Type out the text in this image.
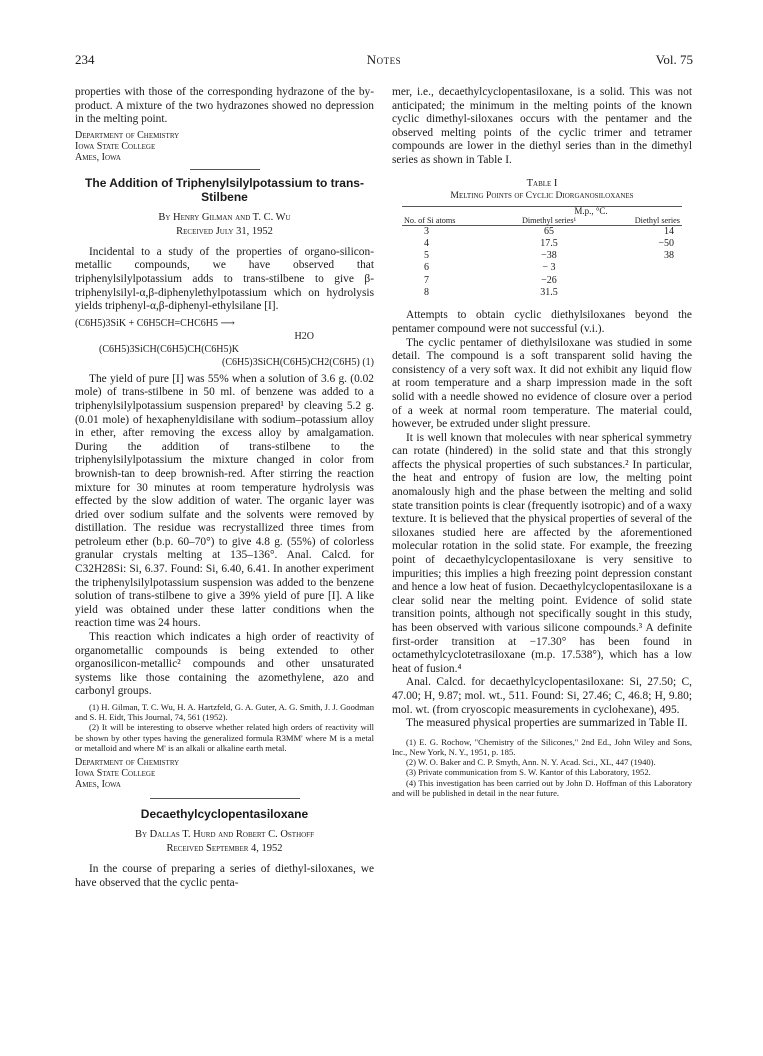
234	Notes	Vol. 75

properties with those of the corresponding hydrazone of the by-product. A mixture of the two hydrazones showed no depression in the melting point.

Department of Chemistry
Iowa State College
Ames, Iowa
The Addition of Triphenylsilylpotassium to trans-Stilbene
By Henry Gilman and T. C. Wu
Received July 31, 1952

Incidental to a study of the properties of organo-silicon-metallic compounds, we have observed that triphenylsilylpotassium adds to trans-stilbene to give β-triphenylsilyl-α,β-diphenylethylpotassium which on hydrolysis yields triphenyl-α,β-diphenyl-ethylsilane [I].

(C6H5)3SiK + C6H5CH=CHC6H5 ⟶
H2O
(C6H5)3SiCH(C6H5)CH(C6H5)K
(C6H5)3SiCH(C6H5)CH2(C6H5) (1)

The yield of pure [I] was 55% when a solution of 3.6 g. (0.02 mole) of trans-stilbene in 50 ml. of benzene was added to a triphenylsilylpotassium suspension prepared¹ by cleaving 5.2 g. (0.01 mole) of hexaphenyldisilane with sodium–potassium alloy in ether, after removing the excess alloy by amalgamation. During the addition of trans-stilbene to the triphenylsilylpotassium the mixture changed in color from brownish-tan to deep brownish-red. After stirring the reaction mixture for 30 minutes at room temperature hydrolysis was effected by the slow addition of water. The organic layer was dried over sodium sulfate and the solvents were removed by distillation. The residue was recrystallized three times from petroleum ether (b.p. 60–70°) to give 4.8 g. (55%) of colorless granular crystals melting at 135–136°. Anal. Calcd. for C32H28Si: Si, 6.37. Found: Si, 6.40, 6.41. In another experiment the triphenylsilylpotassium suspension was added to the benzene solution of trans-stilbene to give a 39% yield of pure [I]. A like yield was obtained under these latter conditions when the reaction time was 24 hours.

This reaction which indicates a high order of reactivity of organometallic compounds is being extended to other organosilicon-metallic² compounds and other unsaturated systems like those containing the azomethylene, azo and carbonyl groups.

(1) H. Gilman, T. C. Wu, H. A. Hartzfeld, G. A. Guter, A. G. Smith, J. J. Goodman and S. H. Eidt, This Journal, 74, 561 (1952).

(2) It will be interesting to observe whether related high orders of reactivity will be shown by other types having the generalized formula R3MM' where M is a metal or metalloid and where M' is an alkali or alkaline earth metal.

Department of Chemistry
Iowa State College
Ames, Iowa
Decaethylcyclopentasiloxane
By Dallas T. Hurd and Robert C. Osthoff
Received September 4, 1952

In the course of preparing a series of diethyl-siloxanes, we have observed that the cyclic penta-

mer, i.e., decaethylcyclopentasiloxane, is a solid. This was not anticipated; the minimum in the melting points of the known cyclic dimethyl-siloxanes occurs with the pentamer and the observed melting points of the cyclic trimer and tetramer compounds are lower in the diethyl series than in the dimethyl series as shown in Table I.

Table I
Melting Points of Cyclic Diorganosiloxanes
	M.p., °C.	
No. of Si atoms	Dimethyl series¹	Diethyl series

3	65	14
4	17.5	−50
5	−38	38
6	− 3	
7	−26	
8	31.5	

Attempts to obtain cyclic diethylsiloxanes beyond the pentamer compound were not successful (v.i.).

The cyclic pentamer of diethylsiloxane was studied in some detail. The compound is a soft transparent solid having the consistency of a very soft wax. It did not exhibit any liquid flow at room temperature and a sharp impression made in the soft solid with a needle showed no evidence of closure over a period of a week at normal room temperature. The material could, however, be extruded under slight pressure.

It is well known that molecules with near spherical symmetry can rotate (hindered) in the solid state and that this strongly affects the physical properties of such substances.² In particular, the heat and entropy of fusion are low, the melting point anomalously high and the phase between the melting and solid state transition points is clear (frequently isotropic) and of a waxy texture. It is believed that the physical properties of several of the siloxanes studied here are affected by the aforementioned molecular rotation in the solid state. For example, the freezing point of decaethylcyclopentasiloxane is very sensitive to impurities; this implies a high freezing point depression constant and hence a low heat of fusion. Decaethylcyclopentasiloxane is a clear solid near the melting point. Evidence of solid state transition points, although not specifically sought in this study, has been observed with various silicone compounds.³ A definite first-order transition at −17.30° has been found in octamethylcyclotetrasiloxane (m.p. 17.538°), which has a low heat of fusion.⁴

Anal. Calcd. for decaethylcyclopentasiloxane: Si, 27.50; C, 47.00; H, 9.87; mol. wt., 511. Found: Si, 27.46; C, 46.8; H, 9.80; mol. wt. (from cryoscopic measurements in cyclohexane), 495.

The measured physical properties are summarized in Table II.

(1) E. G. Rochow, "Chemistry of the Silicones," 2nd Ed., John Wiley and Sons, Inc., New York, N. Y., 1951, p. 185.

(2) W. O. Baker and C. P. Smyth, Ann. N. Y. Acad. Sci., XL, 447 (1940).

(3) Private communication from S. W. Kantor of this Laboratory, 1952.

(4) This investigation has been carried out by John D. Hoffman of this Laboratory and will be published in detail in the near future.
